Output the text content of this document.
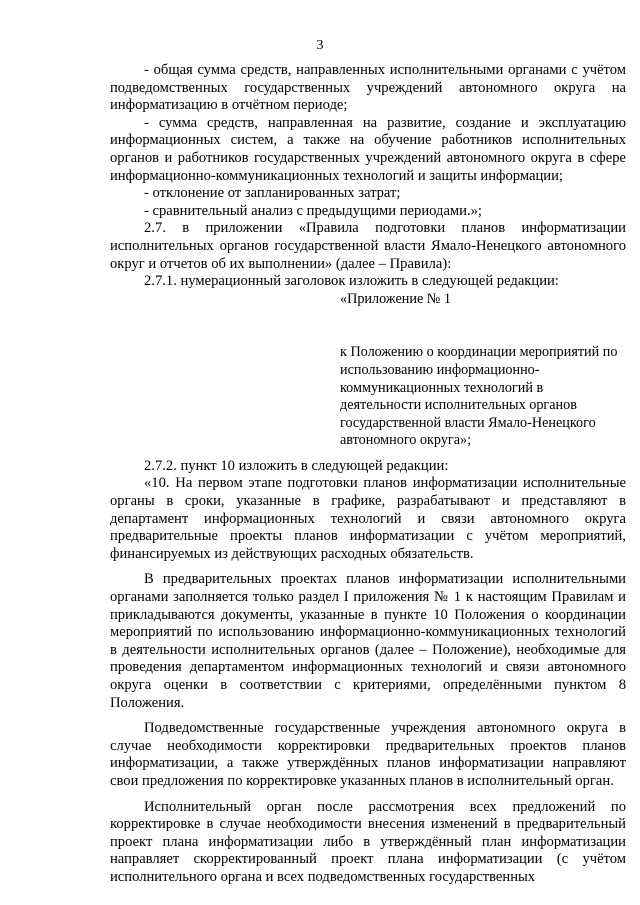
3

- общая сумма средств, направленных исполнительными органами с учётом подведомственных государственных учреждений автономного округа на информатизацию в отчётном периоде;

- сумма средств, направленная на развитие, создание и эксплуатацию информационных систем, а также на обучение работников исполнительных органов и работников государственных учреждений автономного округа в сфере информационно-коммуникационных технологий и защиты информации;

- отклонение от запланированных затрат;

- сравнительный анализ с предыдущими периодами.»;

2.7. в приложении «Правила подготовки планов информатизации исполнительных органов государственной власти Ямало-Ненецкого автономного округ и отчетов об их выполнении» (далее – Правила):

2.7.1. нумерационный заголовок изложить в следующей редакции:

«Приложение № 1

к Положению о координации мероприятий по использованию информационно-коммуникационных технологий в деятельности исполнительных органов государственной власти Ямало-Ненецкого автономного округа»;

2.7.2. пункт 10 изложить в следующей редакции:

«10. На первом этапе подготовки планов информатизации исполнительные органы в сроки, указанные в графике, разрабатывают и представляют в департамент информационных технологий и связи автономного округа предварительные проекты планов информатизации с учётом мероприятий, финансируемых из действующих расходных обязательств.

В предварительных проектах планов информатизации исполнительными органами заполняется только раздел I приложения № 1 к настоящим Правилам и прикладываются документы, указанные в пункте 10 Положения о координации мероприятий по использованию информационно-коммуникационных технологий в деятельности исполнительных органов (далее – Положение), необходимые для проведения департаментом информационных технологий и связи автономного округа оценки в соответствии с критериями, определёнными пунктом 8 Положения.

Подведомственные государственные учреждения автономного округа в случае необходимости корректировки предварительных проектов планов информатизации, а также утверждённых планов информатизации направляют свои предложения по корректировке указанных планов в исполнительный орган.

Исполнительный орган после рассмотрения всех предложений по корректировке в случае необходимости внесения изменений в предварительный проект плана информатизации либо в утверждённый план информатизации направляет скорректированный проект плана информатизации (с учётом исполнительного органа и всех подведомственных государственных
